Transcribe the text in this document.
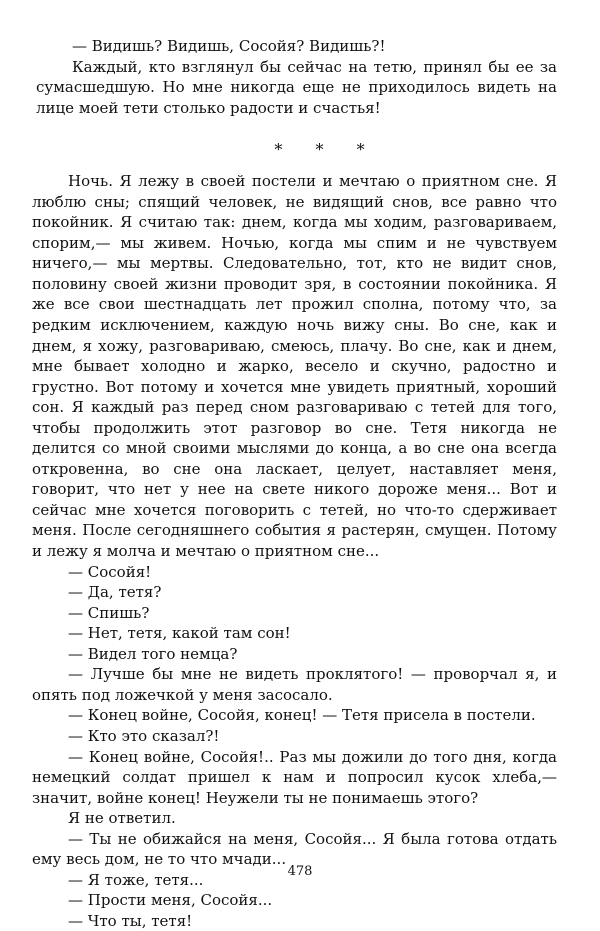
— Видишь? Видишь, Сосойя? Видишь?!

Каждый, кто взглянул бы сейчас на тетю, принял бы ее за сумасшедшую. Но мне никогда еще не приходилось видеть на лице моей тети столько радости и счастья!

* * *

Ночь. Я лежу в своей постели и мечтаю о приятном сне. Я люблю сны; спящий человек, не видящий снов, все равно что покойник. Я считаю так: днем, когда мы ходим, разговариваем, спорим,— мы живем. Ночью, когда мы спим и не чувствуем ничего,— мы мертвы. Следовательно, тот, кто не видит снов, половину своей жизни проводит зря, в состоянии покойника. Я же все свои шестнадцать лет прожил сполна, потому что, за редким исключением, каждую ночь вижу сны. Во сне, как и днем, я хожу, разговариваю, смеюсь, плачу. Во сне, как и днем, мне бывает холодно и жарко, весело и скучно, радостно и грустно. Вот потому и хочется мне увидеть приятный, хороший сон. Я каждый раз перед сном разговариваю с тетей для того, чтобы продолжить этот разговор во сне. Тетя никогда не делится со мной своими мыслями до конца, а во сне она всегда откровенна, во сне она ласкает, целует, наставляет меня, говорит, что нет у нее на свете никого дороже меня... Вот и сейчас мне хочется поговорить с тетей, но что-то сдерживает меня. После сегодняшнего события я растерян, смущен. Потому и лежу я молча и мечтаю о приятном сне...

— Сосойя!

— Да, тетя?

— Спишь?

— Нет, тетя, какой там сон!

— Видел того немца?

— Лучше бы мне не видеть проклятого! — проворчал я, и опять под ложечкой у меня засосало.

— Конец войне, Сосойя, конец! — Тетя присела в постели.

— Кто это сказал?!

— Конец войне, Сосойя!.. Раз мы дожили до того дня, когда немецкий солдат пришел к нам и попросил кусок хлеба,— значит, войне конец! Неужели ты не понимаешь этого?

Я не ответил.

— Ты не обижайся на меня, Сосойя... Я была готова отдать ему весь дом, не то что мчади...

— Я тоже, тетя...

— Прости меня, Сосойя...

— Что ты, тетя!

478
